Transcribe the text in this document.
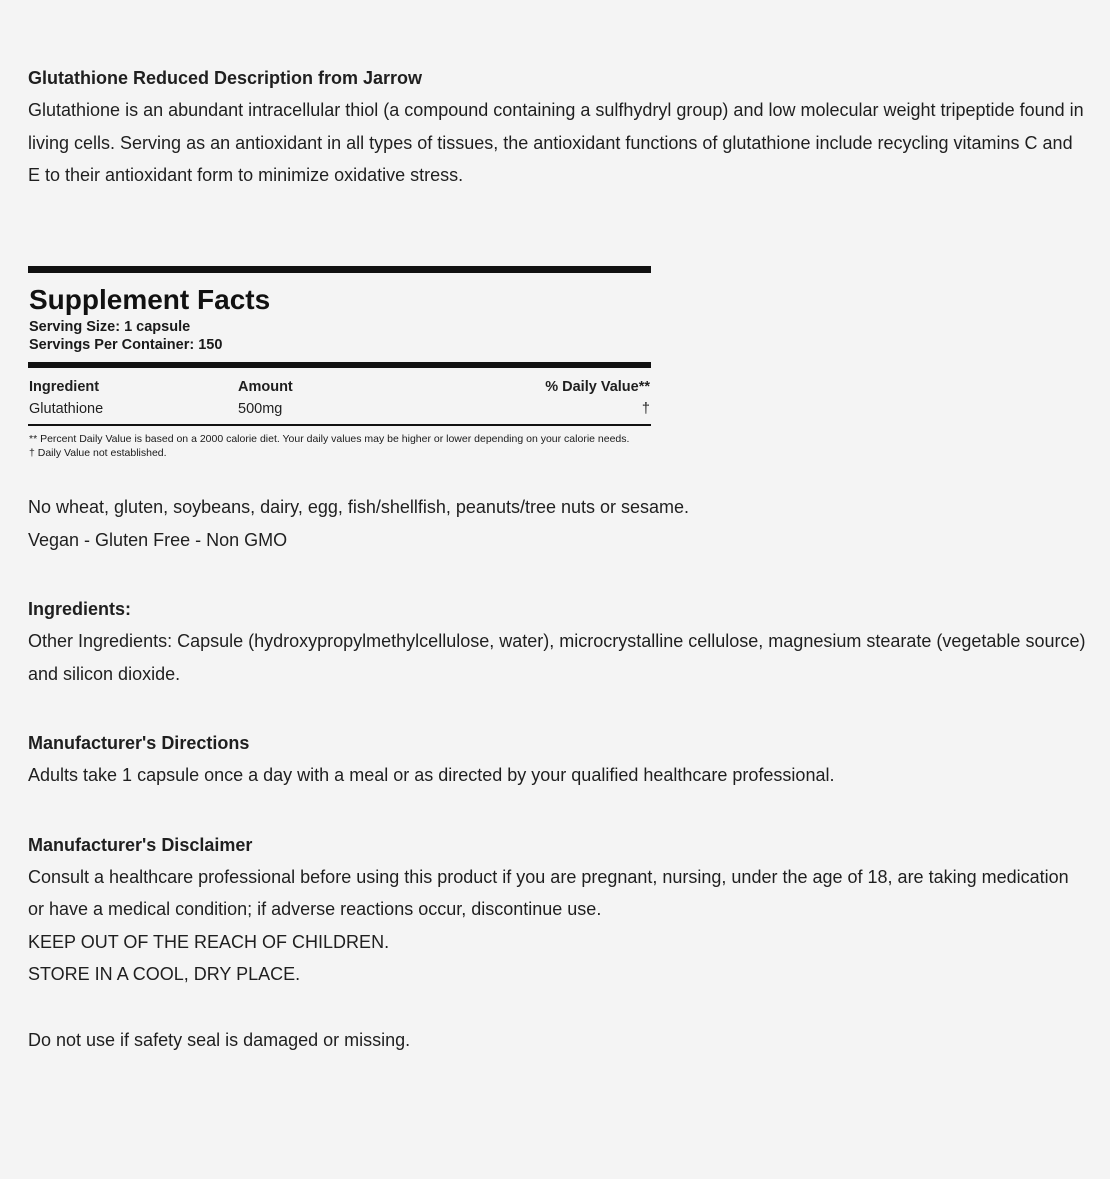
Glutathione Reduced Description from Jarrow

Glutathione is an abundant intracellular thiol (a compound containing a sulfhydryl group) and low molecular weight tripeptide found in living cells. Serving as an antioxidant in all types of tissues, the antioxidant functions of glutathione include recycling vitamins C and E to their antioxidant form to minimize oxidative stress.

Supplement Facts
Serving Size: 1 capsule
Servings Per Container: 150
Ingredient	Amount	% Daily Value**
Glutathione	500mg	†
** Percent Daily Value is based on a 2000 calorie diet. Your daily values may be higher or lower depending on your calorie needs.
† Daily Value not established.

No wheat, gluten, soybeans, dairy, egg, fish/shellfish, peanuts/tree nuts or sesame.

Vegan - Gluten Free - Non GMO

Ingredients:

Other Ingredients: Capsule (hydroxypropylmethylcellulose, water), microcrystalline cellulose, magnesium stearate (vegetable source) and silicon dioxide.

Manufacturer's Directions

Adults take 1 capsule once a day with a meal or as directed by your qualified healthcare professional.

Manufacturer's Disclaimer

Consult a healthcare professional before using this product if you are pregnant, nursing, under the age of 18, are taking medication or have a medical condition; if adverse reactions occur, discontinue use.

KEEP OUT OF THE REACH OF CHILDREN.

STORE IN A COOL, DRY PLACE.

Do not use if safety seal is damaged or missing.
